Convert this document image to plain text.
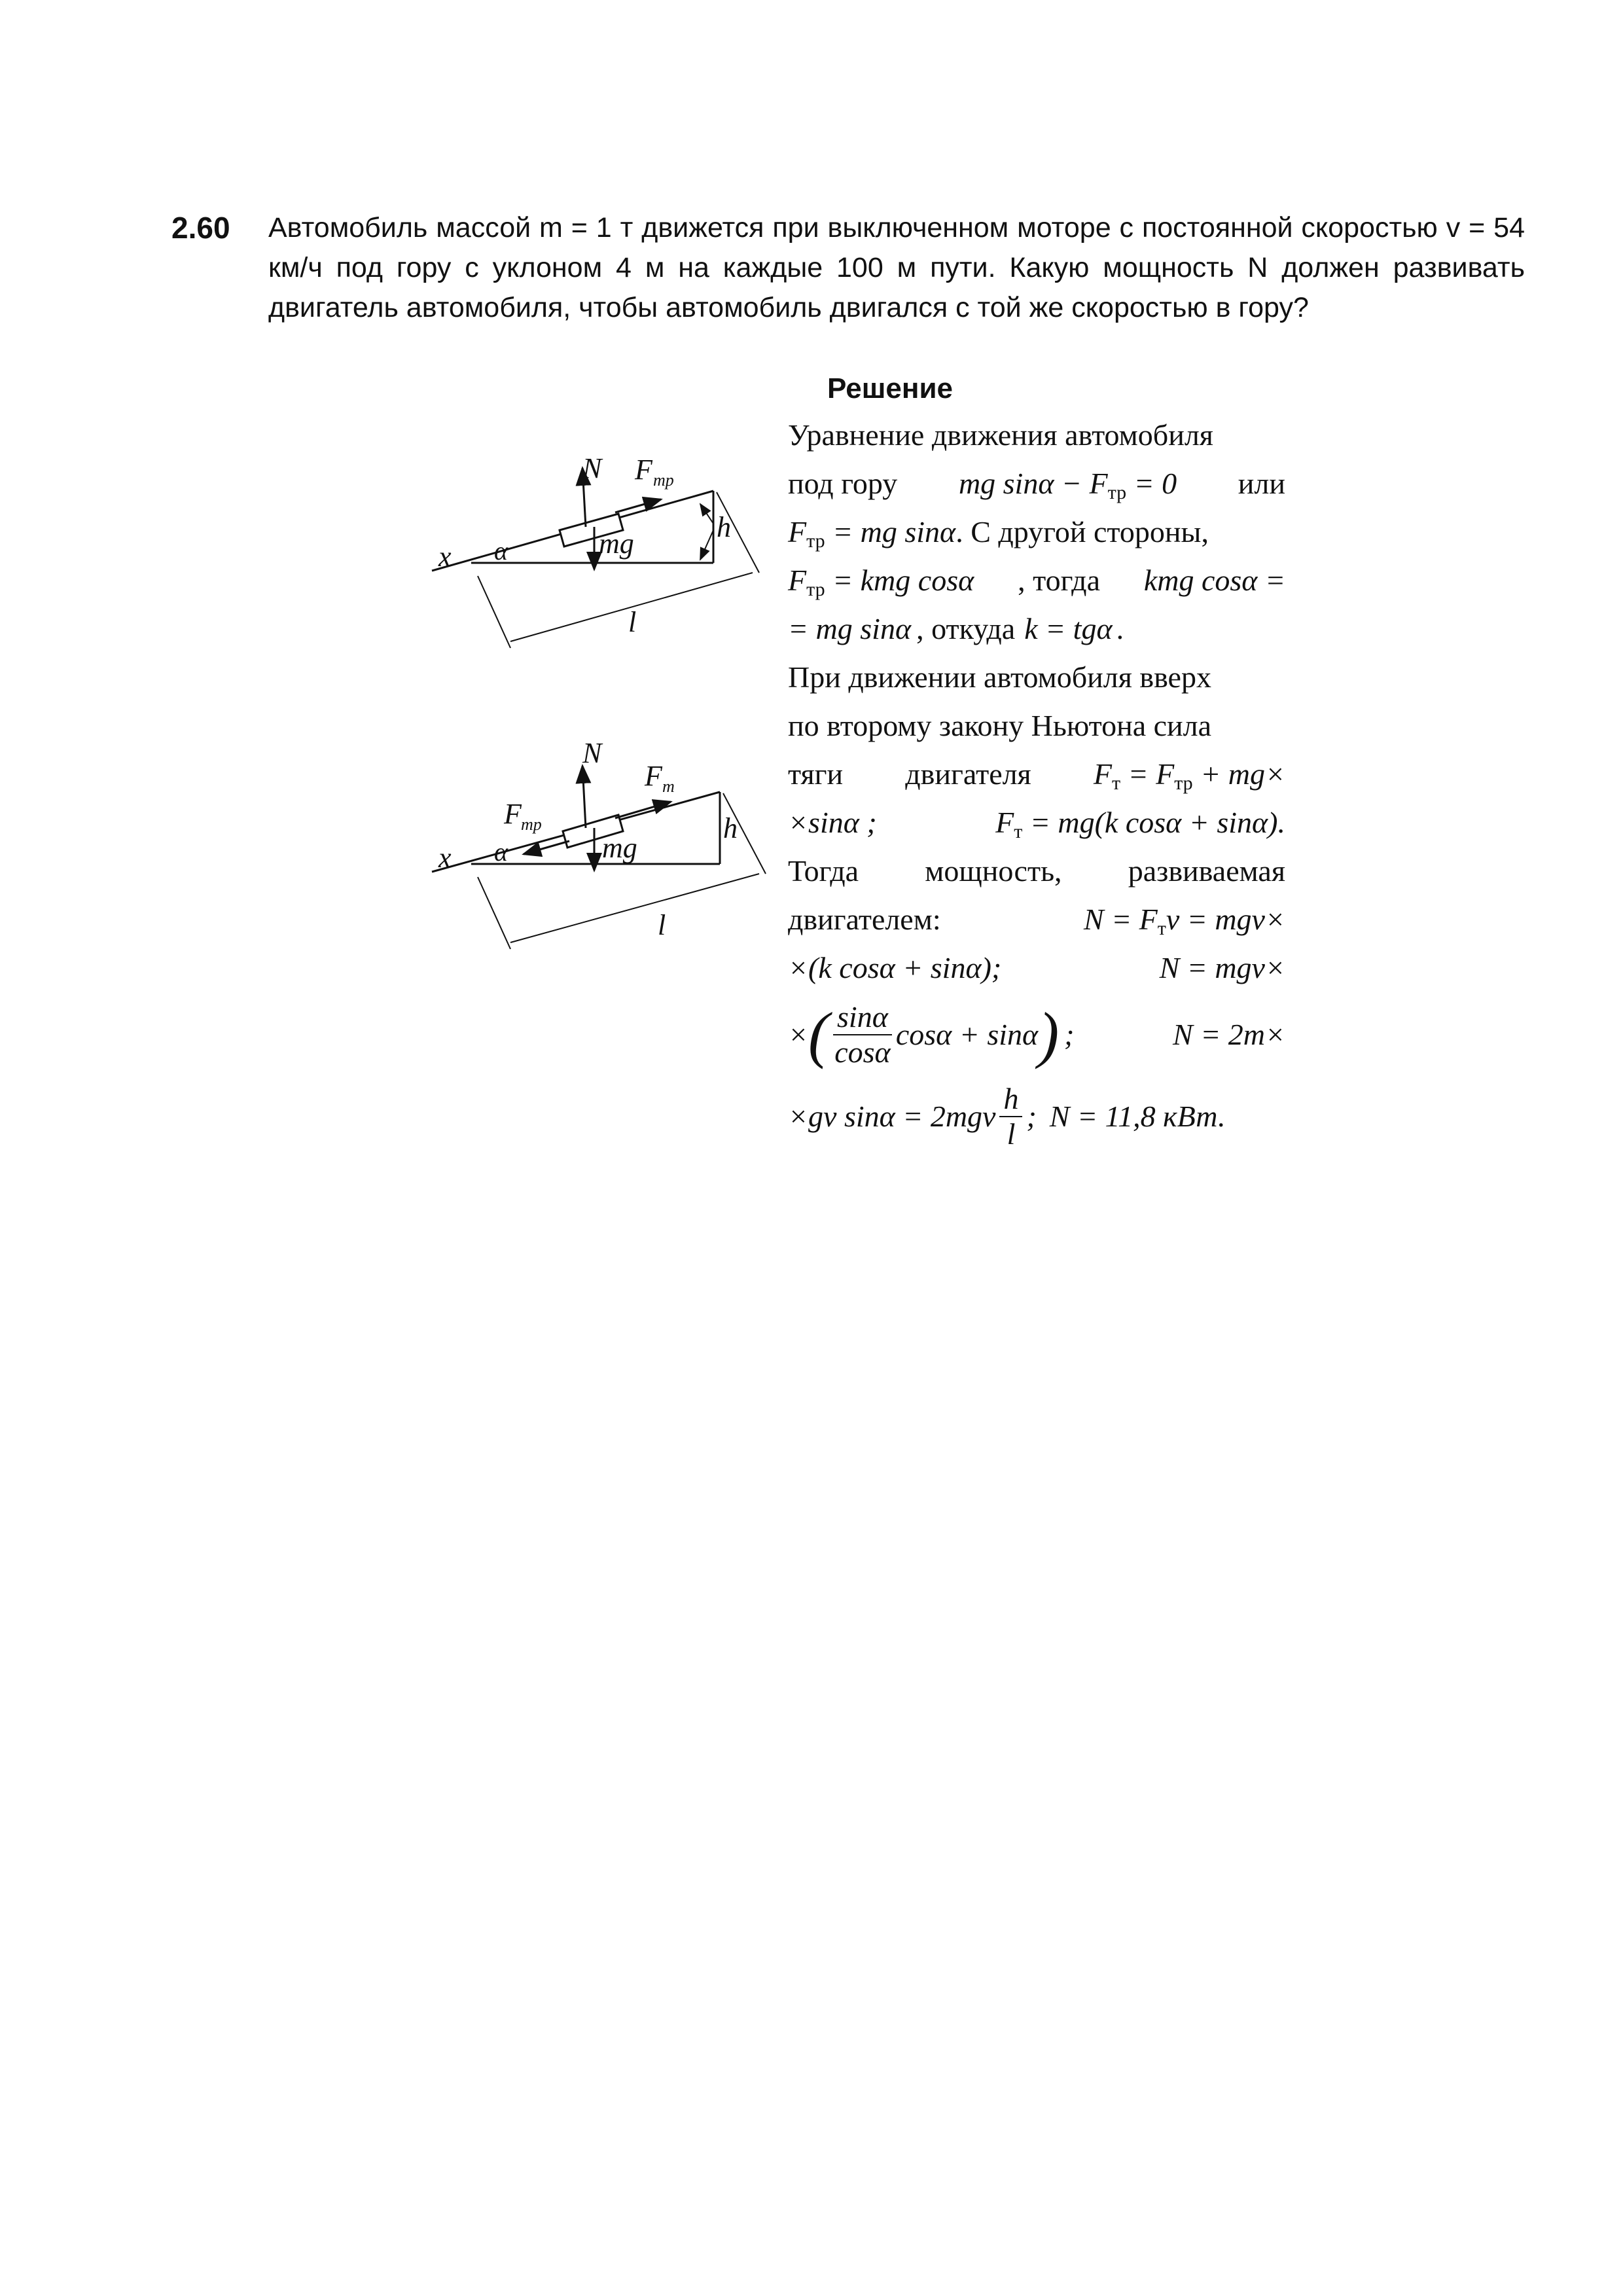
2.60 Автомобиль массой m = 1 т движется при выключенном моторе с постоянной скоростью v = 54 км/ч под гору с уклоном 4 м на каждые 100 м пути. Какую мощность N должен развивать двигатель автомобиля, чтобы автомобиль двигался с той же скоростью в гору?
Решение
N F тр
mg
h
x α
l
N
F т
F тр
mg
h
x α
l
Уравнение движения автомобиля
под гору mg $\sin\alpha - F_{тр} = 0$ или
$F_{тр}$ = mg sinα . С другой стороны,
$F_{тр}$ = kmg cosα , тогда kmg cosα =
= mg sinα , откуда k = tgα .
При движении автомобиля вверх
по второму закону Ньютона сила
тяги двигателя $F_т = F_{тр} + mg\times$
×sinα ;	$F_т = mg(k$ cosα + sinα).
Тогда мощность, развиваемая
двигателем:	$N = F_тv = mgv\times$
×(k cosα + sinα);	N = mgv×
× ( $\frac{\sin\alpha}{\cos\alpha}$ cosα + sinα ) ;	N = 2m×
×gv $\sin\alpha = 2mgv \frac{h}{l}$ ; N = 11,8 кВт.
